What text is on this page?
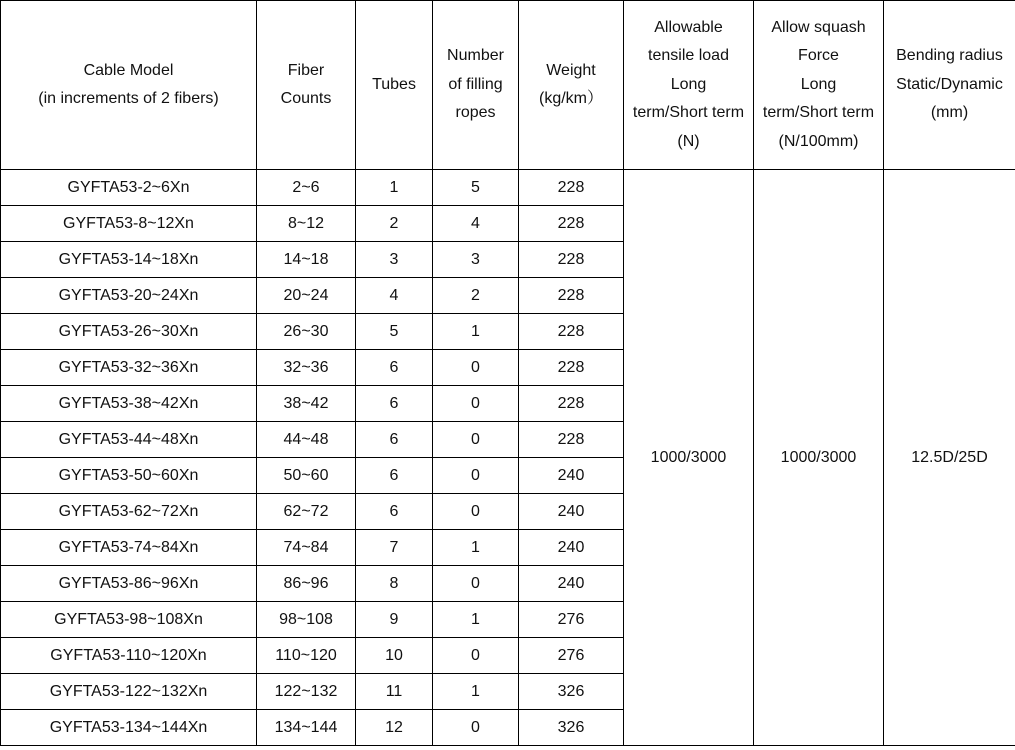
Cable Model
(in increments of 2 fibers)	Fiber
Counts	Tubes	Number
of filling
ropes	Weight
(kg/km）	Allowable
tensile load
Long
term/Short term
(N)	Allow squash
Force
Long
term/Short term
(N/100mm)	Bending radius
Static/Dynamic
(mm)

GYFTA53-2~6Xn	2~6	1	5	228	1000/3000	1000/3000	12.5D/25D
GYFTA53-8~12Xn	8~12	2	4	228			
GYFTA53-14~18Xn	14~18	3	3	228			
GYFTA53-20~24Xn	20~24	4	2	228			
GYFTA53-26~30Xn	26~30	5	1	228			
GYFTA53-32~36Xn	32~36	6	0	228			
GYFTA53-38~42Xn	38~42	6	0	228			
GYFTA53-44~48Xn	44~48	6	0	228			
GYFTA53-50~60Xn	50~60	6	0	240			
GYFTA53-62~72Xn	62~72	6	0	240			
GYFTA53-74~84Xn	74~84	7	1	240			
GYFTA53-86~96Xn	86~96	8	0	240			
GYFTA53-98~108Xn	98~108	9	1	276			
GYFTA53-110~120Xn	110~120	10	0	276			
GYFTA53-122~132Xn	122~132	11	1	326			
GYFTA53-134~144Xn	134~144	12	0	326			
